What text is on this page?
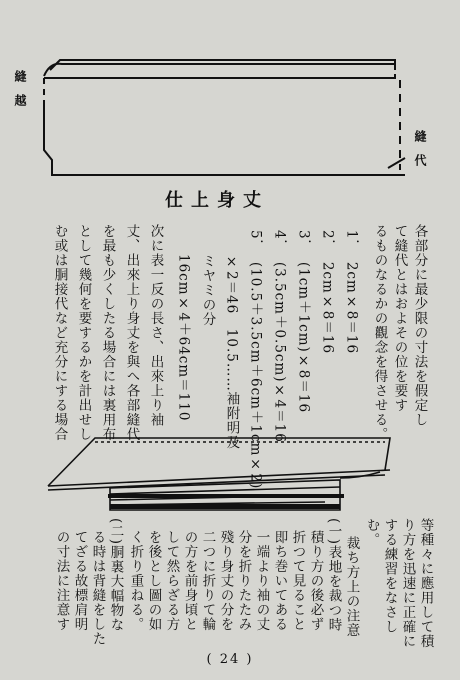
縫 越
縫 代
仕上身丈
各部分に最少限の寸法を假定し
て縫代とはおよその位を要す
るものなるかの觀念を得させる。
1．　2cm×8＝16
2．　2cm×8＝16
3．　(1cm＋1cm)×8＝16
4．　(3.5cm＋0.5cm)×4＝16
5．　(10.5＋3.5cm＋6cm＋1cm×2)
×2＝46　10.5……袖附明及
ミヤミの分
16cm×4＋64cm＝110
次に表一反の長さ、出來上り袖
丈、出來上り身丈を與へ各部縫代
を最も少くしたる場合には裏用布
として幾何を要するかを計出せし
む或は胴接代など充分にする場合
等種々に應用して積
り方を迅速に正確に
する練習をなさし
む。
裁ち方上の注意
(一)表地を裁つ時
積り方の後必ず
折つて見ること
即ち巻いてある
一端より袖の丈
分を折りたたみ
殘り身丈の分を
二つに折りて輪
の方を前身頃と
して然らざる方
を後とし圖の如
く折り重ねる。
(二)胴裏大幅物な
る時は背縫をした
てざる故標肩明
の寸法に注意す
( 24 )
